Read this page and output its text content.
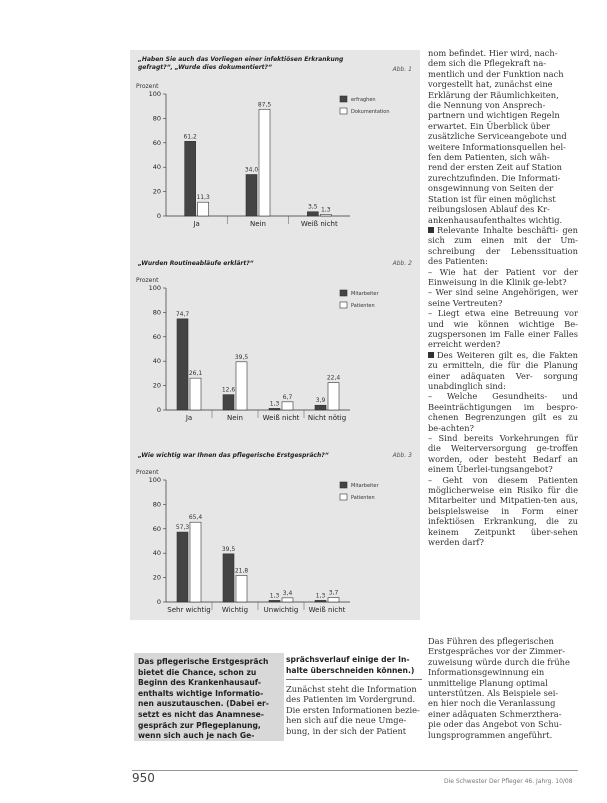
„Haben Sie auch das Vorliegen einer infektiösen Erkrankung gefragt?“, „Wurde dies dokumentiert?“	Abb. 1
Prozent
0
20
40
60
80
100
61,2
11,3
Ja
34,0
87,5
Nein
3,5 1,3
Weiß nicht
erfraghen
Dokumentation
„Wurden Routineabläufe erklärt?“	Abb. 2
Prozent
0
20
40
60
80
100
74,7
26,1
Ja
12,6
39,5
Nein
1,3
6,7
Weiß nicht
3,9
22,4
Nicht nötig
Mitarbeiter
Patienten
„Wie wichtig war Ihnen das pflegerische Erstgespräch?“	Abb. 3
Prozent
0
20
40
60
80
100
57,3
65,4
Sehr wichtig
39,5
21,8
Wichtig
1,3 3,4
Unwichtig
1,3 3,7
Weiß nicht
Mitarbeiter
Patienten
nom befindet. Hier wird, nach-
dem sich die Pflegekraft na-
mentlich und der Funktion nach
vorgestellt hat, zunächst eine
Erklärung der Räumlichkeiten,
die Nennung von Ansprech-
partnern und wichtigen Regeln
erwartet. Ein Überblick über
zusätzliche Serviceangebote und
weitere Informationsquellen hel-
fen dem Patienten, sich wäh-
rend der ersten Zeit auf Station
zurechtzufinden. Die Informati-
onsgewinnung von Seiten der
Station ist für einen möglichst
reibungslosen Ablauf des Kr-
ankenhausaufenthaltes wichtig.
Relevante Inhalte beschäfti- gen sich zum einen mit der Um- schreibung der Lebenssituation des Patienten:
– Wie hat der Patient vor der Einweisung in die Klinik ge-lebt?
– Wer sind seine Angehörigen, wer seine Vertreuten?
– Liegt etwa eine Betreuung vor und wie können wichtige Be-zugspersonen im Falle einer Falles erreicht werden?
Des Weiteren gilt es, die Fakten zu ermitteln, die für die Planung einer adäquaten Ver- sorgung unabdinglich sind:
– Welche Gesundheits- und Beeinträchtigungen im bespro-chenen Begrenzungen gilt es zu be-achten?
– Sind bereits Vorkehrungen für die Weiterversorgung ge-troffen worden, oder besteht Bedarf an einem Überlei-tungsangebot?
– Geht von diesem Patienten möglicherweise ein Risiko für die Mitarbeiter und Mitpatien-ten aus, beispielsweise in Form einer infektiösen Erkrankung, die zu keinem Zeitpunkt über-sehen werden darf?
Das Führen des pflegerischen
Erstgespräches vor der Zimmer-
zuweisung würde durch die frühe
Informationsgewinnung ein
unmittelige Planung optimal
unterstützen. Als Beispiele sei-
en hier noch die Veranlassung
einer adäquaten Schmerzthera-
pie oder das Angebot von Schu-
lungsprogrammen angeführt.
Das pflegerische Erstgespräch
bietet die Chance, schon zu
Beginn des Krankenhausauf-
enthalts wichtige Informatio-
nen auszutauschen. (Dabei er-
setzt es nicht das Anamnese-
gespräch zur Pflegeplanung,
wenn sich auch je nach Ge-
sprächsverlauf einige der In-
halte überschneiden können.)
Zunächst steht die Information
des Patienten im Vordergrund.
Die ersten Informationen bezie-
hen sich auf die neue Umge-
bung, in der sich der Patient
950	Die Schwester Der Pfleger 46. Jahrg. 10/08
